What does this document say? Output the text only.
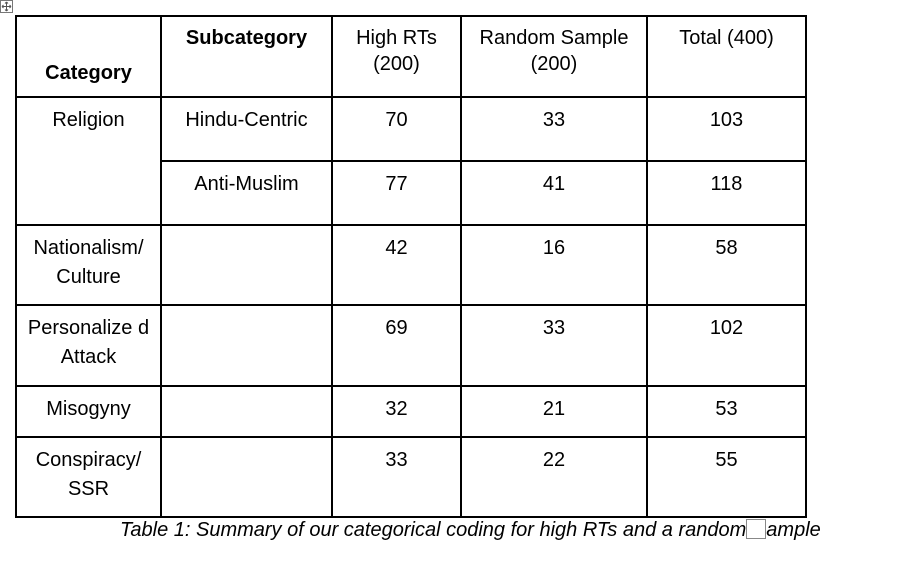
Category	Subcategory	High RTs (200)	Random Sample (200)	Total (400)
Religion	Hindu-Centric	70	33	103
	Anti-Muslim	77	41	118
Nationalism/ Culture		42	16	58
Personalize d Attack		69	33	102
Misogyny		32	21	53
Conspiracy/ SSR		33	22	55
Table 1: Summary of our categorical coding for high RTs and a random ample
